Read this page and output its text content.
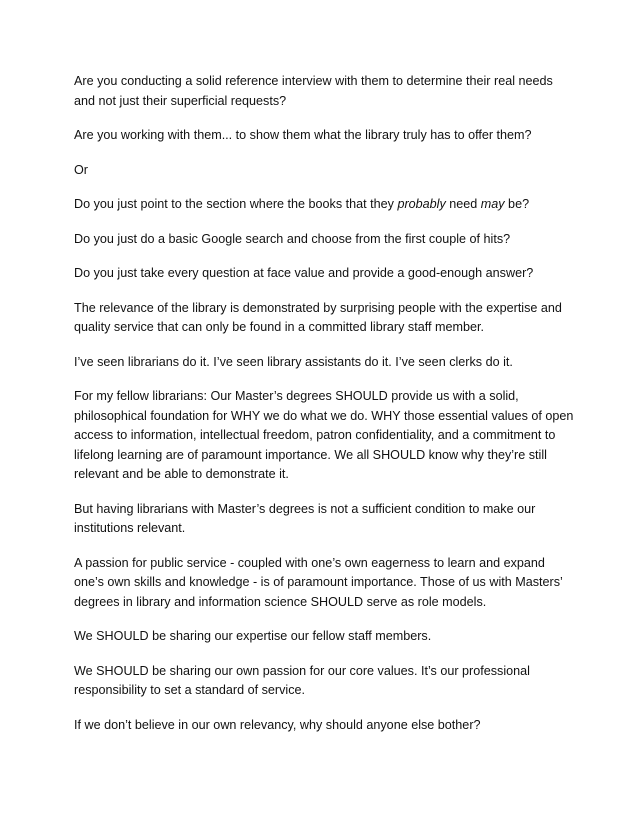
Are you conducting a solid reference interview with them to determine their real needs and not just their superficial requests?

Are you working with them... to show them what the library truly has to offer them?

Or

Do you just point to the section where the books that they probably need may be?

Do you just do a basic Google search and choose from the first couple of hits?

Do you just take every question at face value and provide a good-enough answer?

The relevance of the library is demonstrated by surprising people with the expertise and quality service that can only be found in a committed library staff member.

I’ve seen librarians do it. I’ve seen library assistants do it. I’ve seen clerks do it.

For my fellow librarians: Our Master’s degrees SHOULD provide us with a solid, philosophical foundation for WHY we do what we do. WHY those essential values of open access to information, intellectual freedom, patron confidentiality, and a commitment to lifelong learning are of paramount importance. We all SHOULD know why they’re still relevant and be able to demonstrate it.

But having librarians with Master’s degrees is not a sufficient condition to make our institutions relevant.

A passion for public service - coupled with one’s own eagerness to learn and expand one’s own skills and knowledge - is of paramount importance. Those of us with Masters’ degrees in library and information science SHOULD serve as role models.

We SHOULD be sharing our expertise our fellow staff members.

We SHOULD be sharing our own passion for our core values. It’s our professional responsibility to set a standard of service.

If we don’t believe in our own relevancy, why should anyone else bother?
